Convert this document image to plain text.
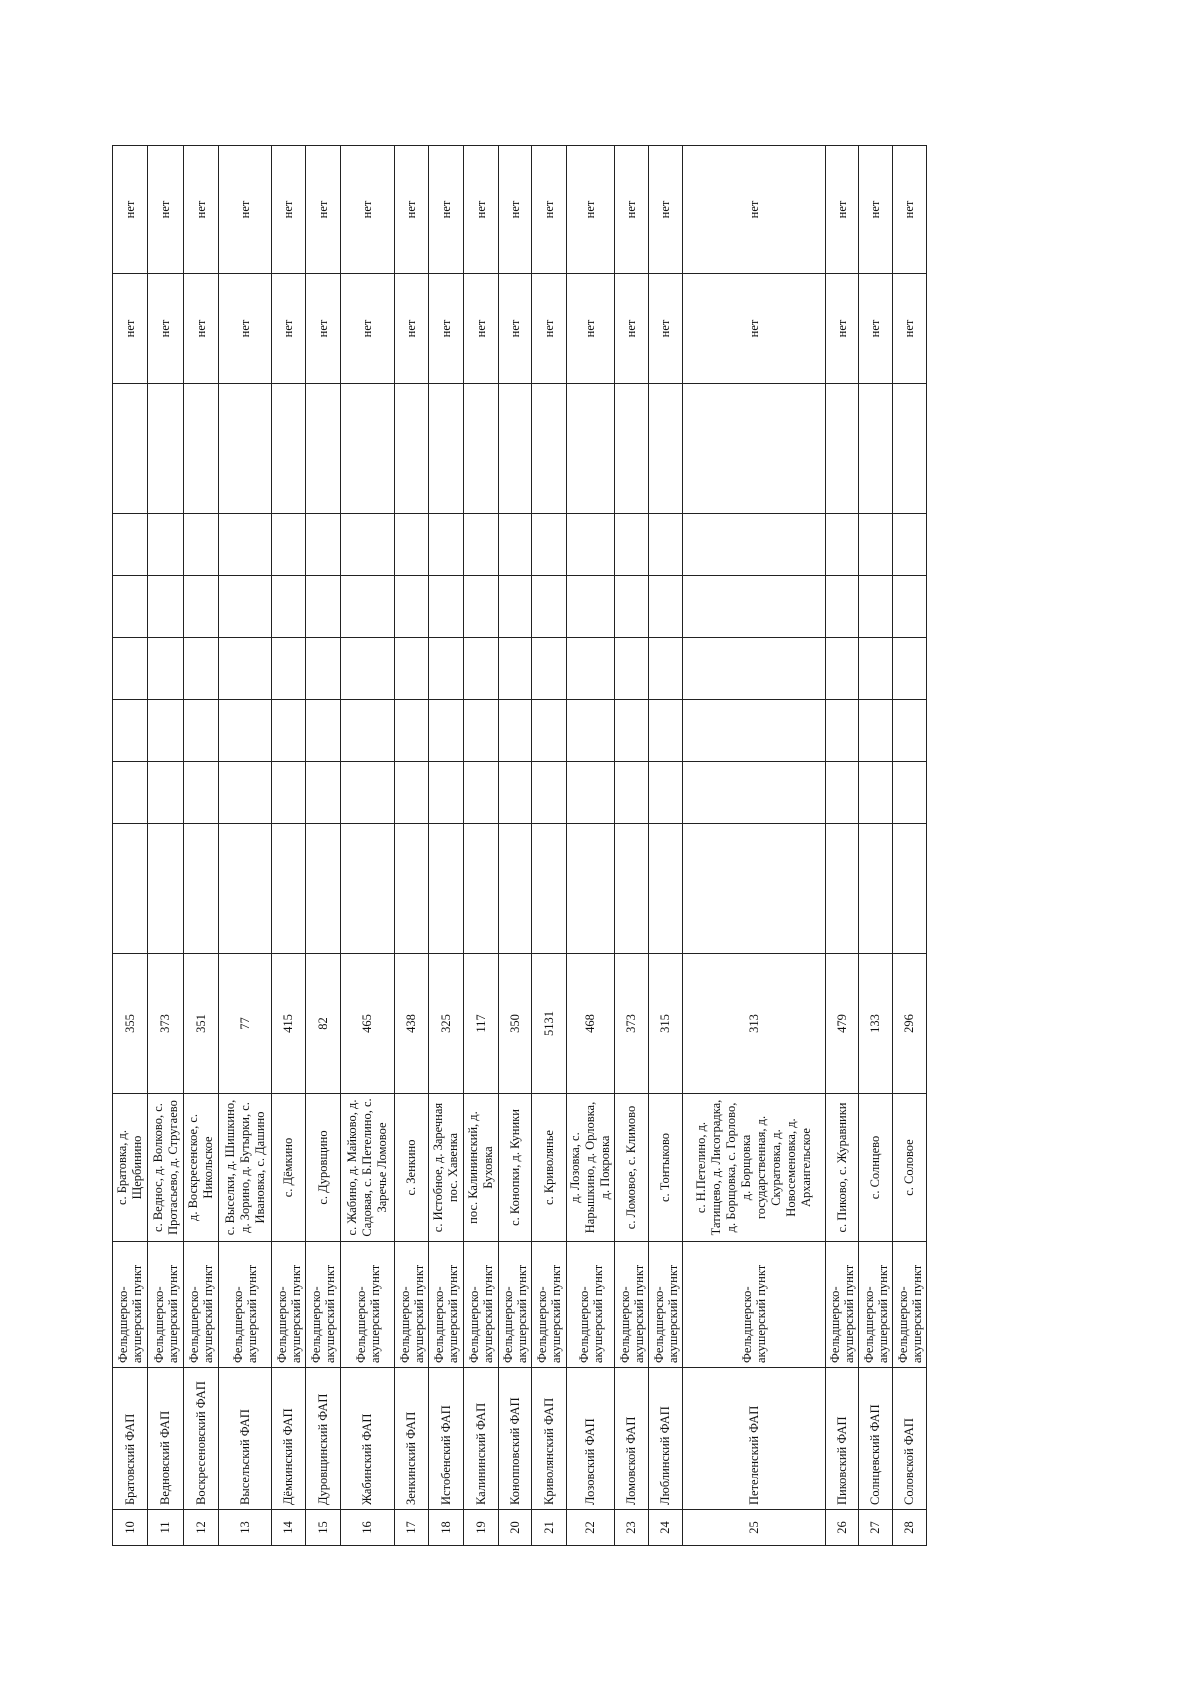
10	Братовский ФАП	Фельдшерско-акушерский пункт	с. Братовка, д. Щербинино	355								нет	нет
11	Ведновский ФАП	Фельдшерско-акушерский пункт	с. Веднос, д. Волково, с. Протасьево, д. Стругаево	373								нет	нет
12	Воскресеновский ФАП	Фельдшерско-акушерский пункт	д. Воскресенское, с. Никольское	351								нет	нет
13	Выселъский ФАП	Фельдшерско-акушерский пункт	с. Выселки, д. Шишкино, д. Зорино, д. Бутырки, с. Ивановка, с. Дашино	77								нет	нет
14	Дёмкинский ФАП	Фельдшерско-акушерский пункт	с. Дёмкино	415								нет	нет
15	Дуровщинский ФАП	Фельдшерско-акушерский пункт	с. Дуровщино	82								нет	нет
16	Жабинский ФАП	Фельдшерско-акушерский пункт	с. Жабино, д. Майково, д. Садовая, с. Б.Петелино, с. Заречье Ломовое	465								нет	нет
17	Зенкинский ФАП	Фельдшерско-акушерский пункт	с. Зенкино	438								нет	нет
18	Истобенский ФАП	Фельдшерско-акушерский пункт	с. Истобное, д. Заречная пос. Хавенка	325								нет	нет
19	Калининский ФАП	Фельдшерско-акушерский пункт	пос. Калининский, д. Буховка	117								нет	нет
20	Конопповский ФАП	Фельдшерско-акушерский пункт	с. Конопки, д. Куники	350								нет	нет
21	Криволянский ФАП	Фельдшерско-акушерский пункт	с. Криволянье	5131								нет	нет
22	Лозовский ФАП	Фельдшерско-акушерский пункт	д. Лозовка, с. Нарышкино, д. Орловка, д. Покровка	468								нет	нет
23	Ломовской ФАП	Фельдшерско-акушерский пункт	с. Ломовое, с. Климово	373								нет	нет
24	Люблинский ФАП	Фельдшерско-акушерский пункт	с. Тонтыково	315								нет	нет
25	Петеленский ФАП	Фельдшерско-акушерский пункт	с. Н.Петелино, д. Татищево, д. Лисоградка, д. Борщовка, с. Горлово, д. Борщовка государственная, д. Скуратовка, д. Новосеменовка, д. Архангельское	313								нет	нет
26	Пиковский ФАП	Фельдшерско-акушерский пункт	с. Пиково, с. Журавники	479								нет	нет
27	Солнцевский ФАП	Фельдшерско-акушерский пункт	с. Солнцево	133								нет	нет
28	Соловской ФАП	Фельдшерско-акушерский пункт	с. Соловое	296								нет	нет
